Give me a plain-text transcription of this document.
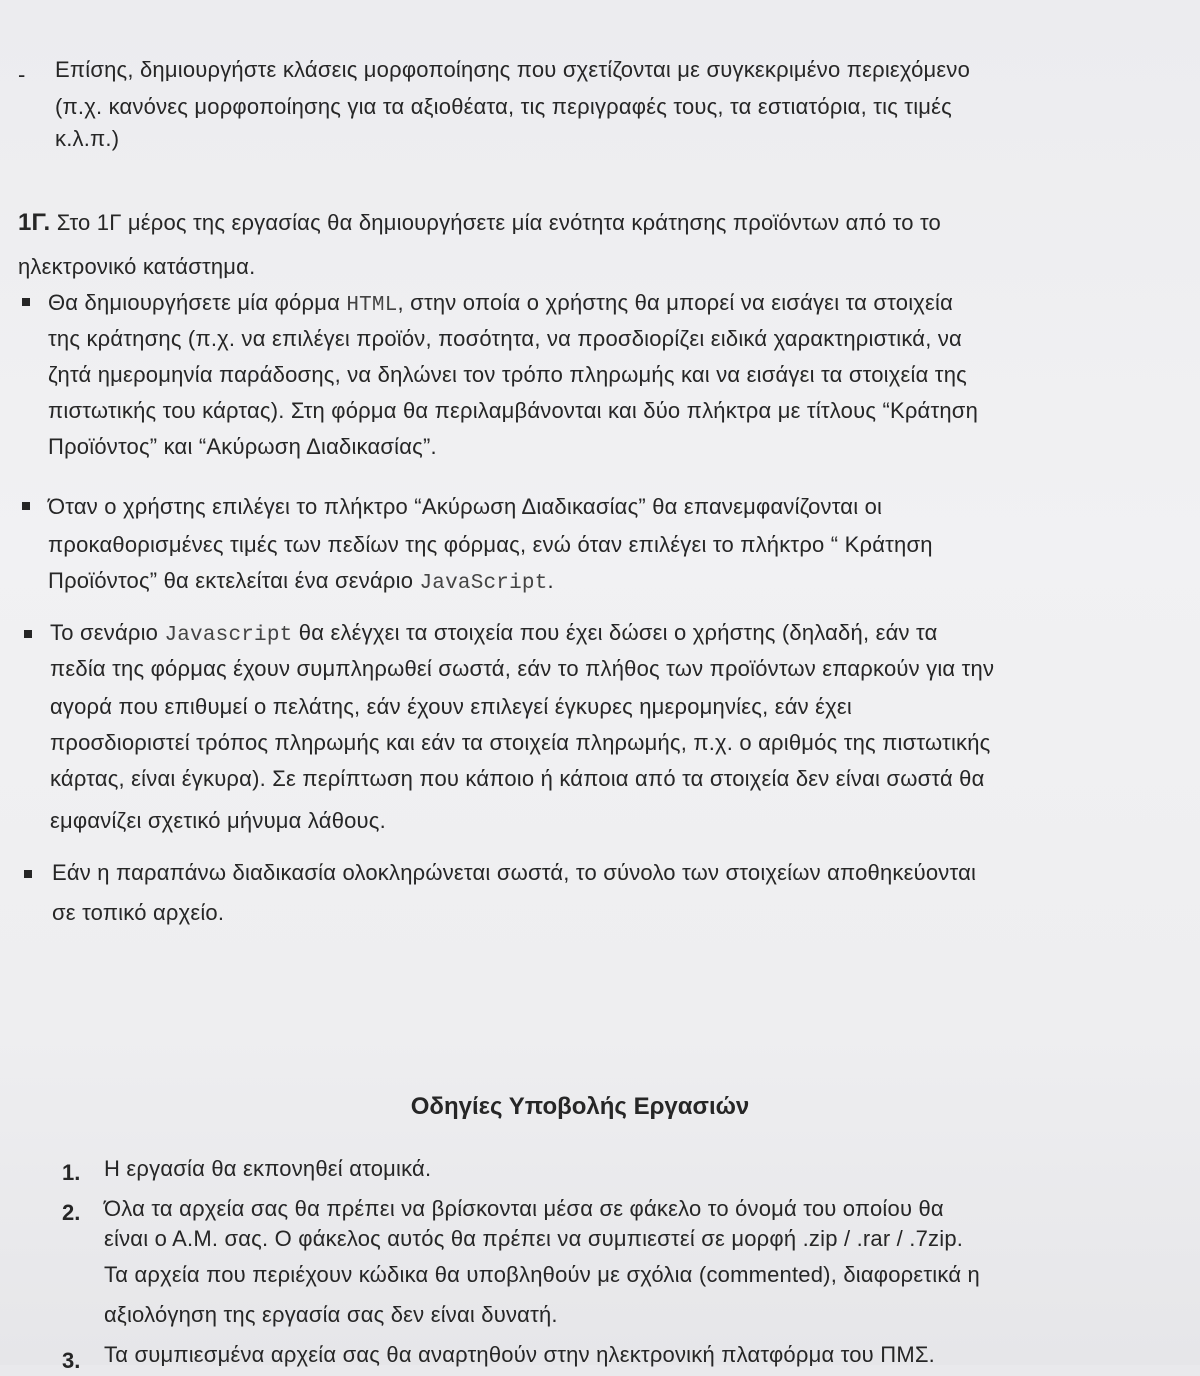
- Επίσης, δημιουργήστε κλάσεις μορφοποίησης που σχετίζονται με συγκεκριμένο περιεχόμενο
(π.χ. κανόνες μορφοποίησης για τα αξιοθέατα, τις περιγραφές τους, τα εστιατόρια, τις τιμές
κ.λ.π.)
1Γ. Στο 1Γ μέρος της εργασίας θα δημιουργήσετε μία ενότητα κράτησης προϊόντων από το το
ηλεκτρονικό κατάστημα.
Θα δημιουργήσετε μία φόρμα HTML, στην οποία ο χρήστης θα μπορεί να εισάγει τα στοιχεία
της κράτησης (π.χ. να επιλέγει προϊόν, ποσότητα, να προσδιορίζει ειδικά χαρακτηριστικά, να
ζητά ημερομηνία παράδοσης, να δηλώνει τον τρόπο πληρωμής και να εισάγει τα στοιχεία της
πιστωτικής του κάρτας). Στη φόρμα θα περιλαμβάνονται και δύο πλήκτρα με τίτλους “Κράτηση
Προϊόντος” και “Ακύρωση Διαδικασίας”.
Όταν ο χρήστης επιλέγει το πλήκτρο “Ακύρωση Διαδικασίας” θα επανεμφανίζονται οι
προκαθορισμένες τιμές των πεδίων της φόρμας, ενώ όταν επιλέγει το πλήκτρο “ Κράτηση
Προϊόντος” θα εκτελείται ένα σενάριο JavaScript.
Το σενάριο Javascript θα ελέγχει τα στοιχεία που έχει δώσει ο χρήστης (δηλαδή, εάν τα
πεδία της φόρμας έχουν συμπληρωθεί σωστά, εάν το πλήθος των προϊόντων επαρκούν για την
αγορά που επιθυμεί ο πελάτης, εάν έχουν επιλεγεί έγκυρες ημερομηνίες, εάν έχει
προσδιοριστεί τρόπος πληρωμής και εάν τα στοιχεία πληρωμής, π.χ. ο αριθμός της πιστωτικής
κάρτας, είναι έγκυρα). Σε περίπτωση που κάποιο ή κάποια από τα στοιχεία δεν είναι σωστά θα
εμφανίζει σχετικό μήνυμα λάθους.
Εάν η παραπάνω διαδικασία ολοκληρώνεται σωστά, το σύνολο των στοιχείων αποθηκεύονται
σε τοπικό αρχείο.
Οδηγίες Υποβολής Εργασιών
1. Η εργασία θα εκπονηθεί ατομικά.
2. Όλα τα αρχεία σας θα πρέπει να βρίσκονται μέσα σε φάκελο το όνομά του οποίου θα
είναι ο Α.Μ. σας. Ο φάκελος αυτός θα πρέπει να συμπιεστεί σε μορφή .zip / .rar / .7zip.
Τα αρχεία που περιέχουν κώδικα θα υποβληθούν με σχόλια (commented), διαφορετικά η
αξιολόγηση της εργασία σας δεν είναι δυνατή.
3. Τα συμπιεσμένα αρχεία σας θα αναρτηθούν στην ηλεκτρονική πλατφόρμα του ΠΜΣ.
